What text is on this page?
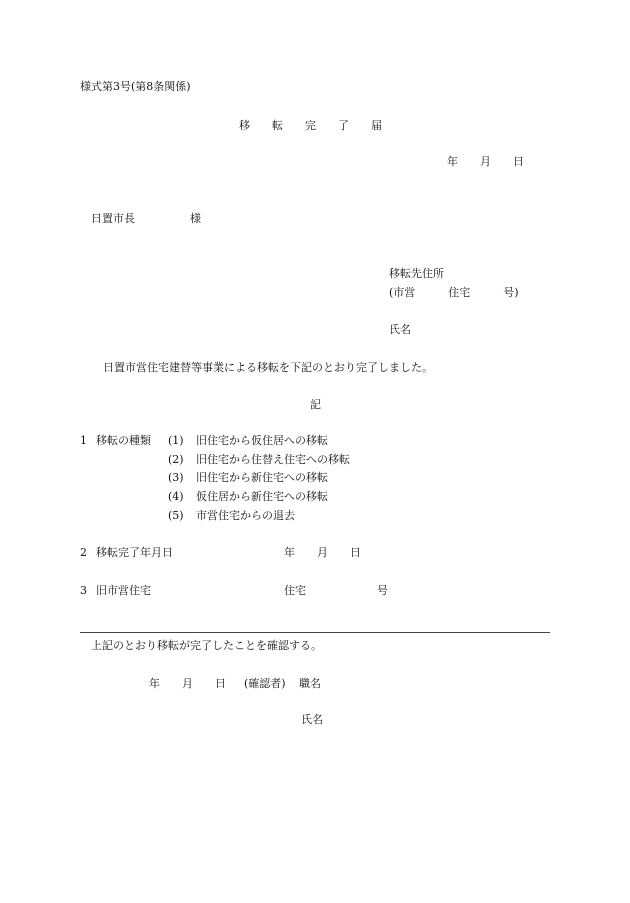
様式第3号(第8条関係)
移　　転　　完　　了　　届
年　　月　　日
日置市長　　　　　様
移転先住所
(市営　　　住宅　　　号)
氏名
日置市営住宅建替等事業による移転を下記のとおり完了しました。
記
1 移転の種類 (1) 旧住宅から仮住居への移転
(2) 旧住宅から住替え住宅への移転
(3) 旧住宅から新住宅への移転
(4) 仮住居から新住宅への移転
(5) 市営住宅からの退去
2 移転完了年月日	年　　月　　日
3 旧市営住宅	住宅	号
上記のとおり移転が完了したことを確認する。
年　　月　　日 (確認者) 職名
氏名
